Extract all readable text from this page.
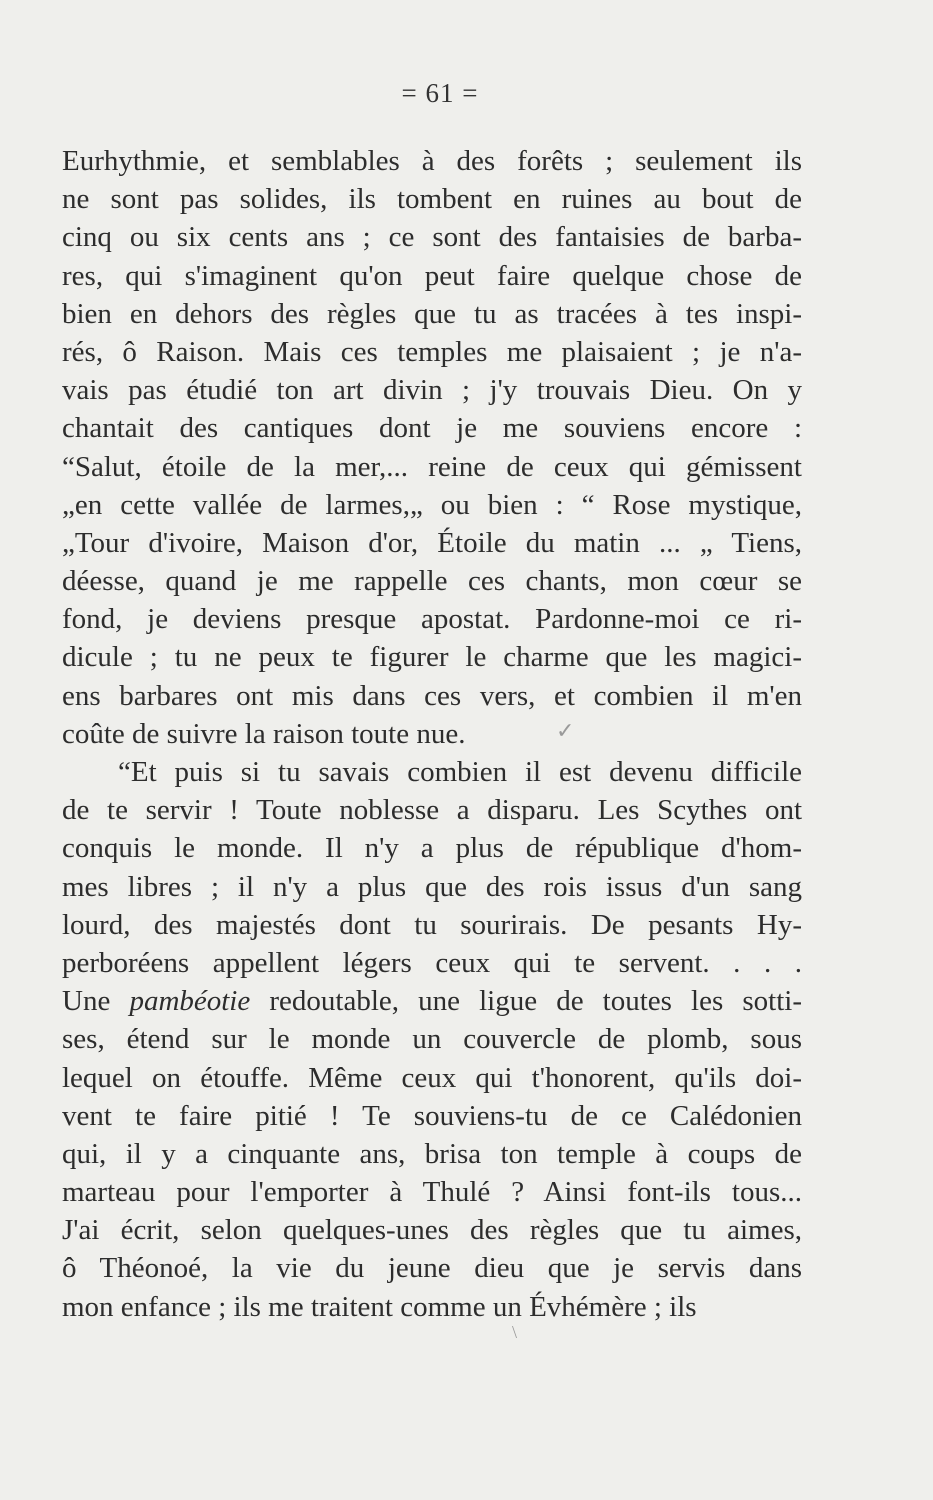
= 61 =
Eurhythmie, et semblables à des forêts ; seulement ils
ne sont pas solides, ils tombent en ruines au bout de
cinq ou six cents ans ; ce sont des fantaisies de barba-
res, qui s'imaginent qu'on peut faire quelque chose de
bien en dehors des règles que tu as tracées à tes inspi-
rés, ô Raison. Mais ces temples me plaisaient ; je n'a-
vais pas étudié ton art divin ; j'y trouvais Dieu. On y
chantait des cantiques dont je me souviens encore :
“Salut, étoile de la mer,... reine de ceux qui gémissent
„en cette vallée de larmes,„ ou bien : “ Rose mystique,
„Tour d'ivoire, Maison d'or, Étoile du matin ... „ Tiens,
déesse, quand je me rappelle ces chants, mon cœur se
fond, je deviens presque apostat. Pardonne-moi ce ri-
dicule ; tu ne peux te figurer le charme que les magici-
ens barbares ont mis dans ces vers, et combien il m'en
coûte de suivre la raison toute nue.
“Et puis si tu savais combien il est devenu difficile
de te servir ! Toute noblesse a disparu. Les Scythes ont
conquis le monde. Il n'y a plus de république d'hom-
mes libres ; il n'y a plus que des rois issus d'un sang
lourd, des majestés dont tu sourirais. De pesants Hy-
perboréens appellent légers ceux qui te servent. . . .
Une pambéotie redoutable, une ligue de toutes les sotti-
ses, étend sur le monde un couvercle de plomb, sous
lequel on étouffe. Même ceux qui t'honorent, qu'ils doi-
vent te faire pitié ! Te souviens-tu de ce Calédonien
qui, il y a cinquante ans, brisa ton temple à coups de
marteau pour l'emporter à Thulé ? Ainsi font-ils tous...
J'ai écrit, selon quelques-unes des règles que tu aimes,
ô Théonoé, la vie du jeune dieu que je servis dans
mon enfance ; ils me traitent comme un Évhémère ; ils
✓
\
